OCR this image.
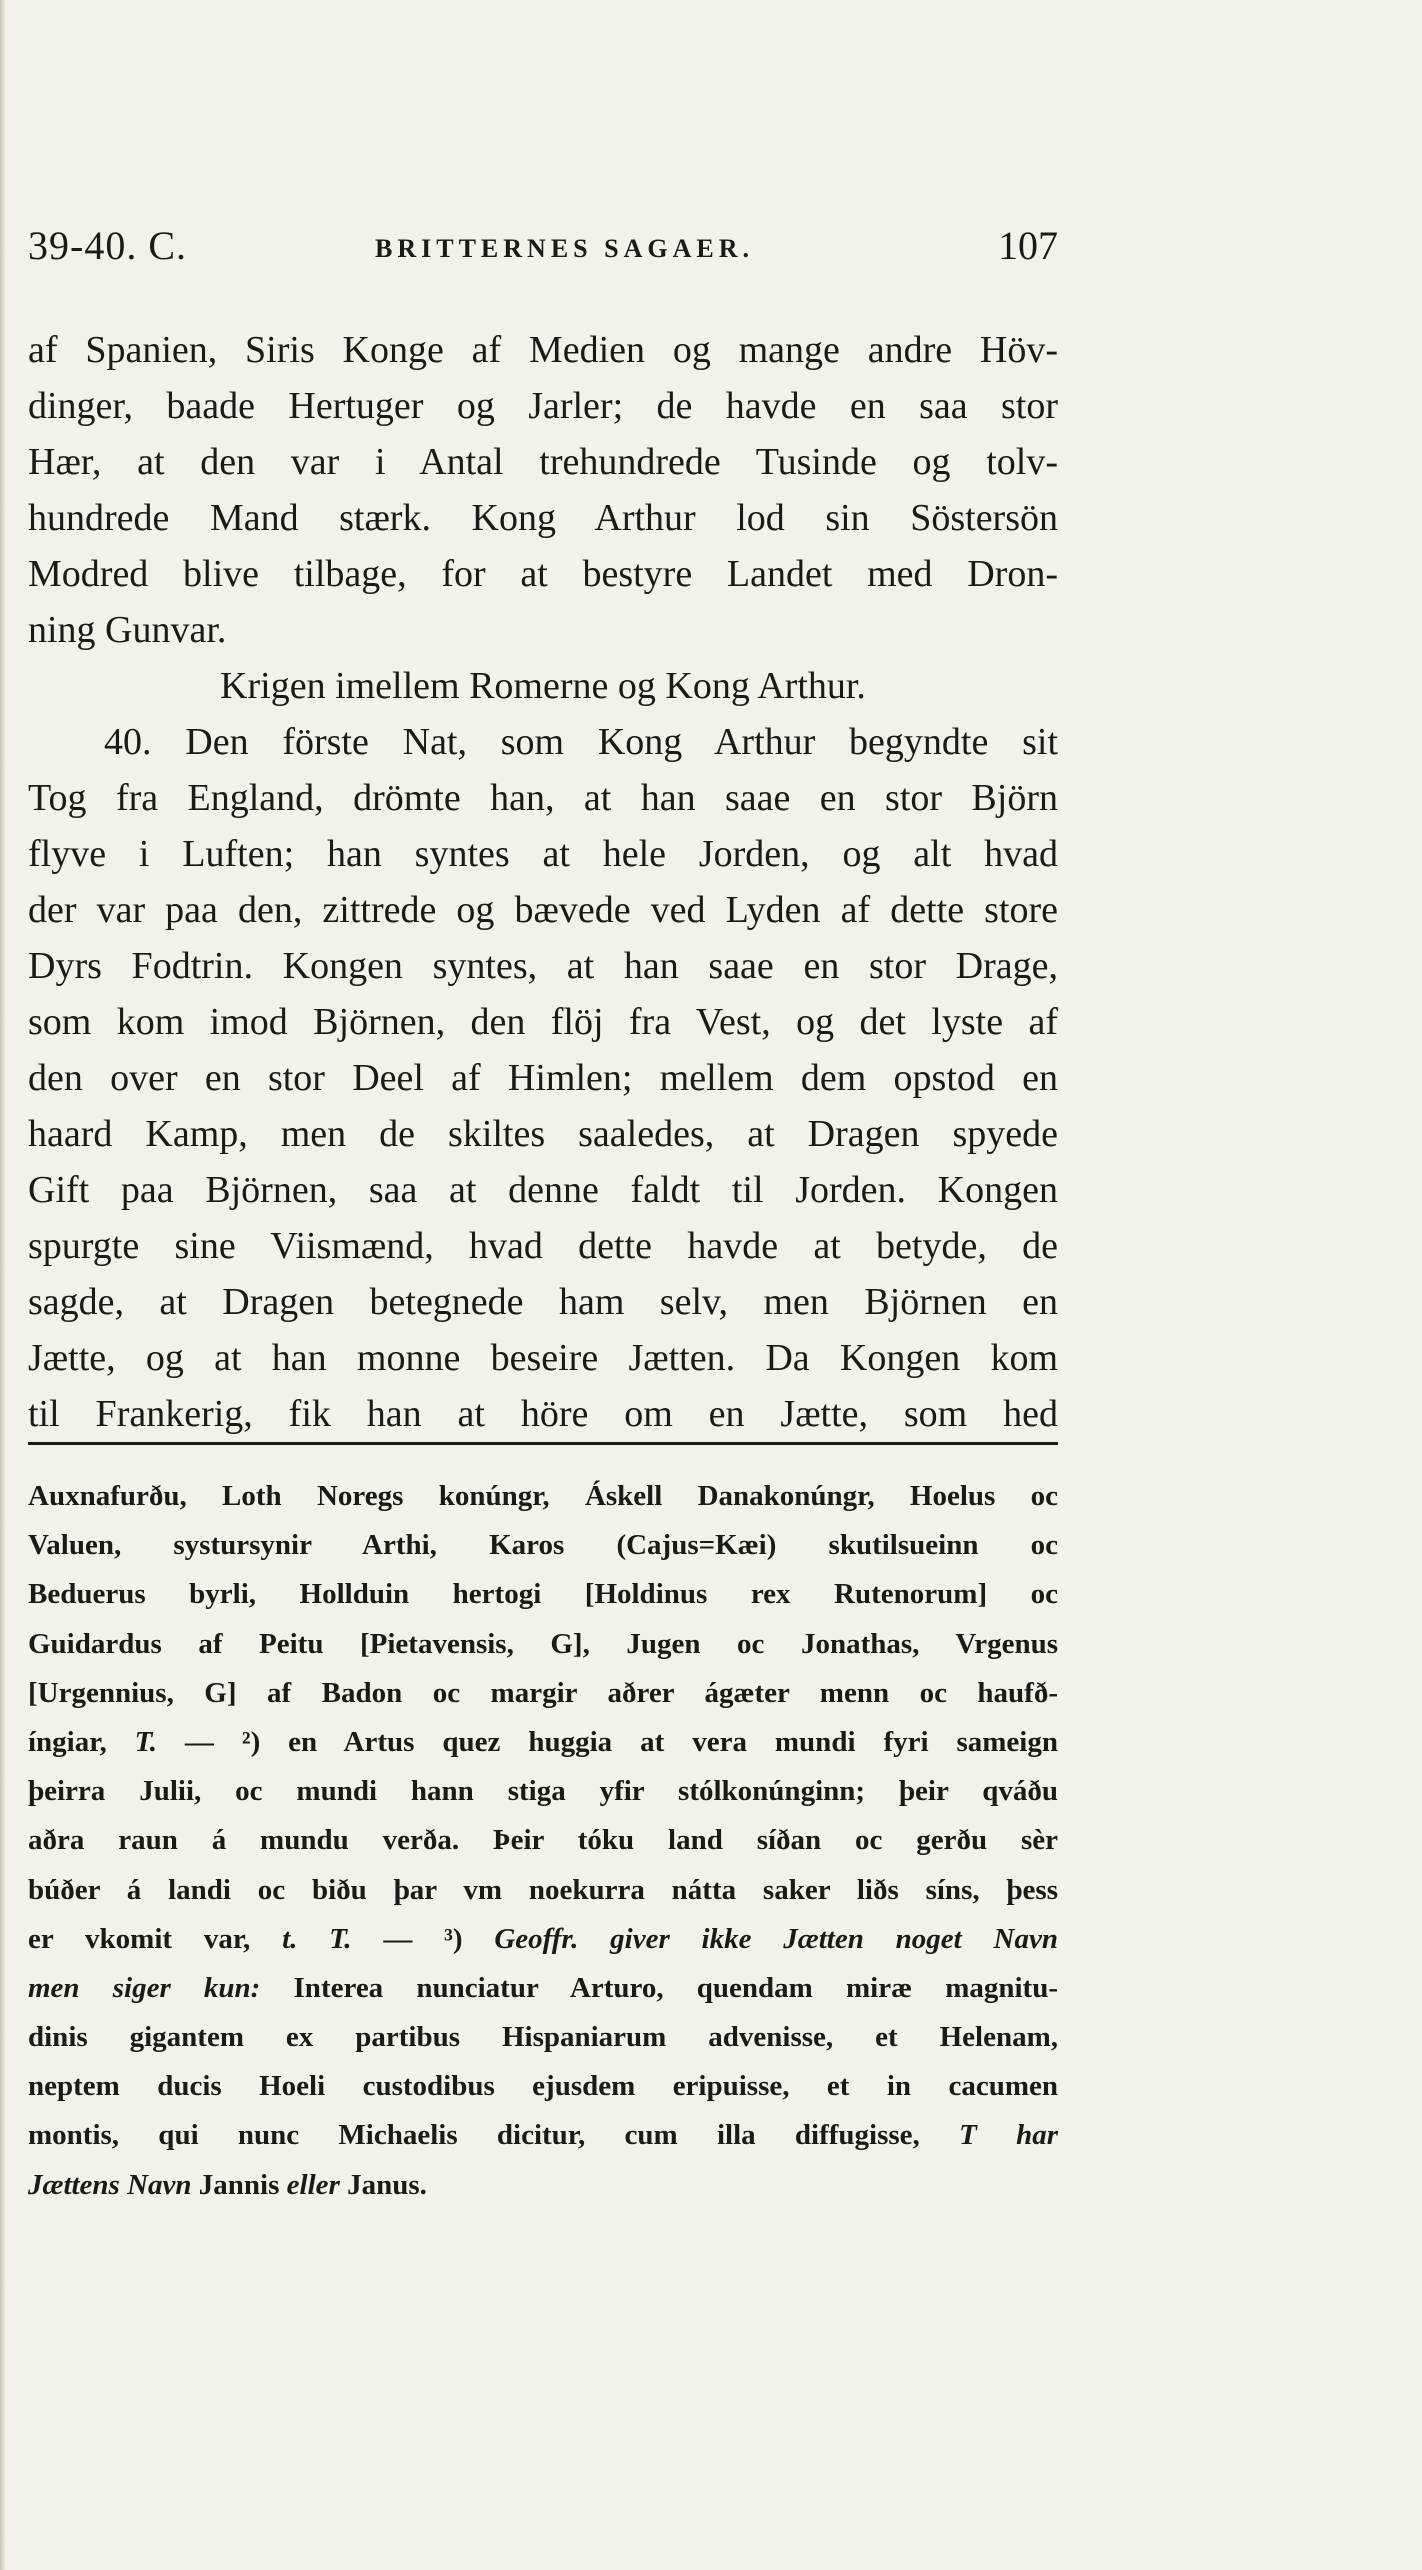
39-40. C.	BRITTERNES SAGAER.	107
af Spanien, Siris Konge af Medien og mange andre Höv-
dinger, baade Hertuger og Jarler; de havde en saa stor
Hær, at den var i Antal trehundrede Tusinde og tolv-
hundrede Mand stærk. Kong Arthur lod sin Söstersön
Modred blive tilbage, for at bestyre Landet med Dron-
ning Gunvar.
Krigen imellem Romerne og Kong Arthur.
40. Den förste Nat, som Kong Arthur begyndte sit
Tog fra England, drömte han, at han saae en stor Björn
flyve i Luften; han syntes at hele Jorden, og alt hvad
der var paa den, zittrede og bævede ved Lyden af dette store
Dyrs Fodtrin. Kongen syntes, at han saae en stor Drage,
som kom imod Björnen, den flöj fra Vest, og det lyste af
den over en stor Deel af Himlen; mellem dem opstod en
haard Kamp, men de skiltes saaledes, at Dragen spyede
Gift paa Björnen, saa at denne faldt til Jorden. Kongen
spurgte sine Viismænd, hvad dette havde at betyde, de
sagde, at Dragen betegnede ham selv, men Björnen en
Jætte, og at han monne beseire Jætten. Da Kongen kom
til Frankerig, fik han at höre om en Jætte, som hed
Auxnafurðu, Loth Noregs konúngr, Áskell Danakonúngr, Hoelus oc
Valuen, systursynir Arthi, Karos (Cajus=Kæi) skutilsueinn oc
Beduerus byrli, Hollduin hertogi [Holdinus rex Rutenorum] oc
Guidardus af Peitu [Pietavensis, G], Jugen oc Jonathas, Vrgenus
[Urgennius, G] af Badon oc margir aðrer ágæter menn oc haufð-
íngiar, T. — ²) en Artus quez huggia at vera mundi fyri sameign
þeirra Julii, oc mundi hann stiga yfir stólkonúnginn; þeir qváðu
aðra raun á mundu verða. Þeir tóku land síðan oc gerðu sèr
búðer á landi oc biðu þar vm noekurra nátta saker liðs síns, þess
er vkomit var, t. T. — ³) Geoffr. giver ikke Jætten noget Navn
men siger kun: Interea nunciatur Arturo, quendam miræ magnitu-
dinis gigantem ex partibus Hispaniarum advenisse, et Helenam,
neptem ducis Hoeli custodibus ejusdem eripuisse, et in cacumen
montis, qui nunc Michaelis dicitur, cum illa diffugisse, T har
Jættens Navn Jannis eller Janus.
